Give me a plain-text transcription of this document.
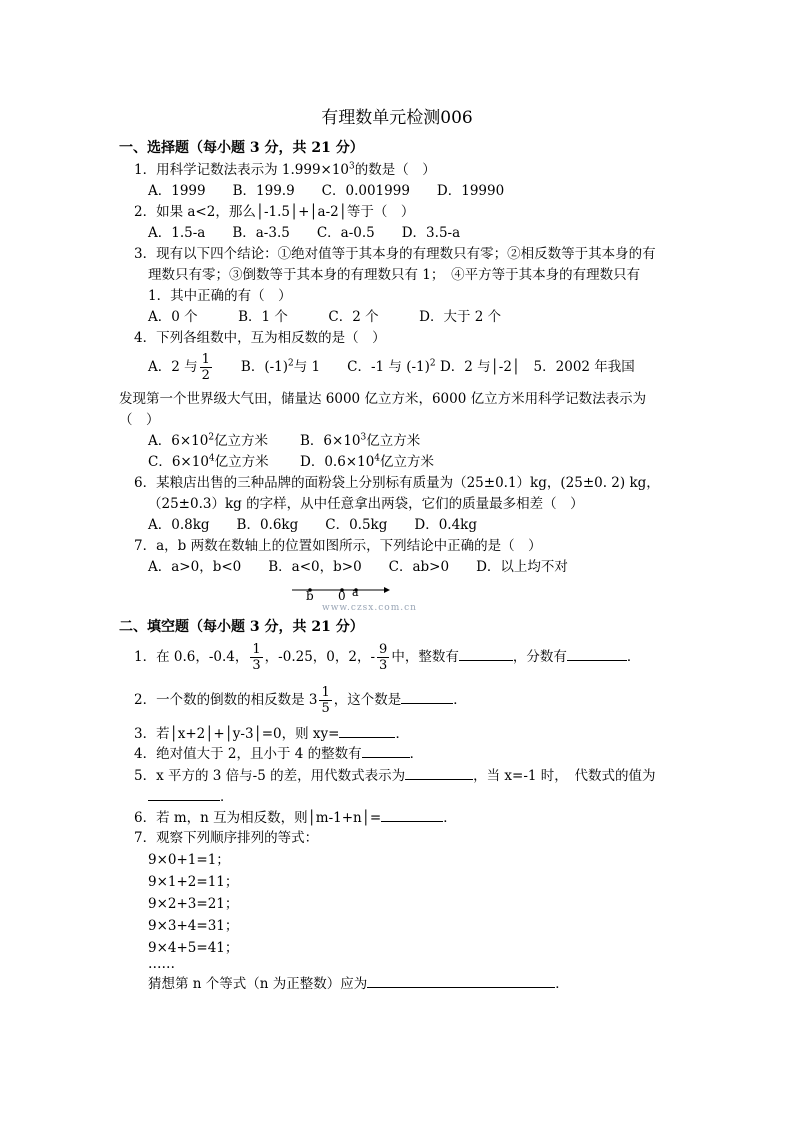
有理数单元检测006
一、选择题（每小题 3 分，共 21 分）
1．用科学记数法表示为 $1.999\times 10^3$的数是（　）
A．1999　　B．199.9　　C．0.001999　　D．19990
2．如果 a<2，那么│-1.5│+│a-2│等于（　）
A．1.5-a　　B．a-3.5　　C．a-0.5　　D．3.5-a
3．现有以下四个结论：①绝对值等于其本身的有理数只有零；②相反数等于其本身的有
理数只有零；③倒数等于其本身的有理数只有 1；　④平方等于其本身的有理数只有
1．其中正确的有（　）
A．0 个　　　B．1 个　　　C．2 个　　　D．大于 2 个
4．下列各组数中，互为相反数的是（　）
A．2 与 $\frac{1}{2}$
　　 B．$(-1)^2$与 1　　C．-1 与 $(-1)^2$ D．2 与│-2│　5．2002 年我国
发现第一个世界级大气田，储量达 6000 亿立方米，6000 亿立方米用科学记数法表示为
（　）
A．$6\times 10^2$亿立方米 B．$6\times 10^3$亿立方米
C．$6\times 10^4$亿立方米 D．$0.6\times 10^4$亿立方米
6．某粮店出售的三种品牌的面粉袋上分别标有质量为（25±0.1）kg，(25±0. 2) kg，
（25±0.3）kg 的字样，从中任意拿出两袋，它们的质量最多相差（　）
A．0.8kg　　B．0.6kg　　C．0.5kg　　D．0.4kg
7．a，b 两数在数轴上的位置如图所示，下列结论中正确的是（　）
A．a>0，b<0　　B．a<0，b>0　　C．ab>0　　D．以上均不对
b 0 a
www.czsx.com.cn
二、填空题（每小题 3 分，共 21 分）
1．在 0.6，-0.4， $\frac{1}{3}$ ，-0.25，0，2，- $\frac{9}{3}$ 中，整数有	，分数有	．
2．一个数的倒数的相反数是 $3 \frac{1}{5}$ ，这个数是	．
3．若│x+2│+│y-3│=0，则 xy=	．
4．绝对值大于 2，且小于 4 的整数有	．
5．x 平方的 3 倍与-5 的差，用代数式表示为	，当 x=-1 时，　代数式的值为
．
6．若 m，n 互为相反数，则│m-1+n│=	．
7．观察下列顺序排列的等式：
9×0+1=1；
9×1+2=11；
9×2+3=21；
9×3+4=31；
9×4+5=41；
……
猜想第 n 个等式（n 为正整数）应为	．
